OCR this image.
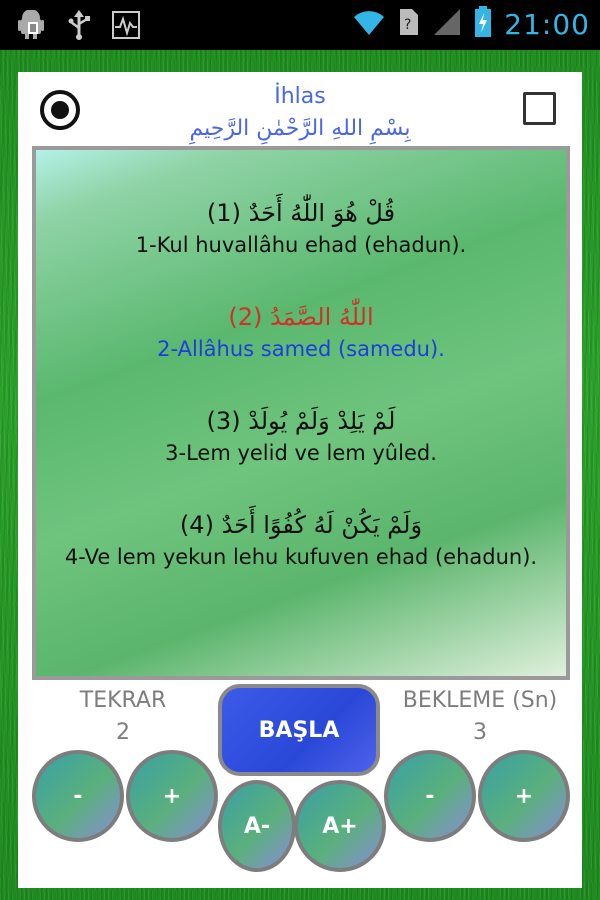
?	21:00
İhlas
بِسْمِ اللهِ الرَّحْمٰنِ الرَّحِيمِ
قُلْ هُوَ اللّٰهُ أَحَدٌ (1)
1-Kul huvallâhu ehad (ehadun).
اللّٰهُ الصَّمَدُ (2)
2-Allâhus samed (samedu).
لَمْ يَلِدْ وَلَمْ يُولَدْ (3)
3-Lem yelid ve lem yûled.
وَلَمْ يَكُنْ لَهُ كُفُوًا أَحَدٌ (4)
4-Ve lem yekun lehu kufuven ehad (ehadun).
TEKRAR
2
-	+
BAŞLA
A-	A+
BEKLEME (Sn)
3
-	+
